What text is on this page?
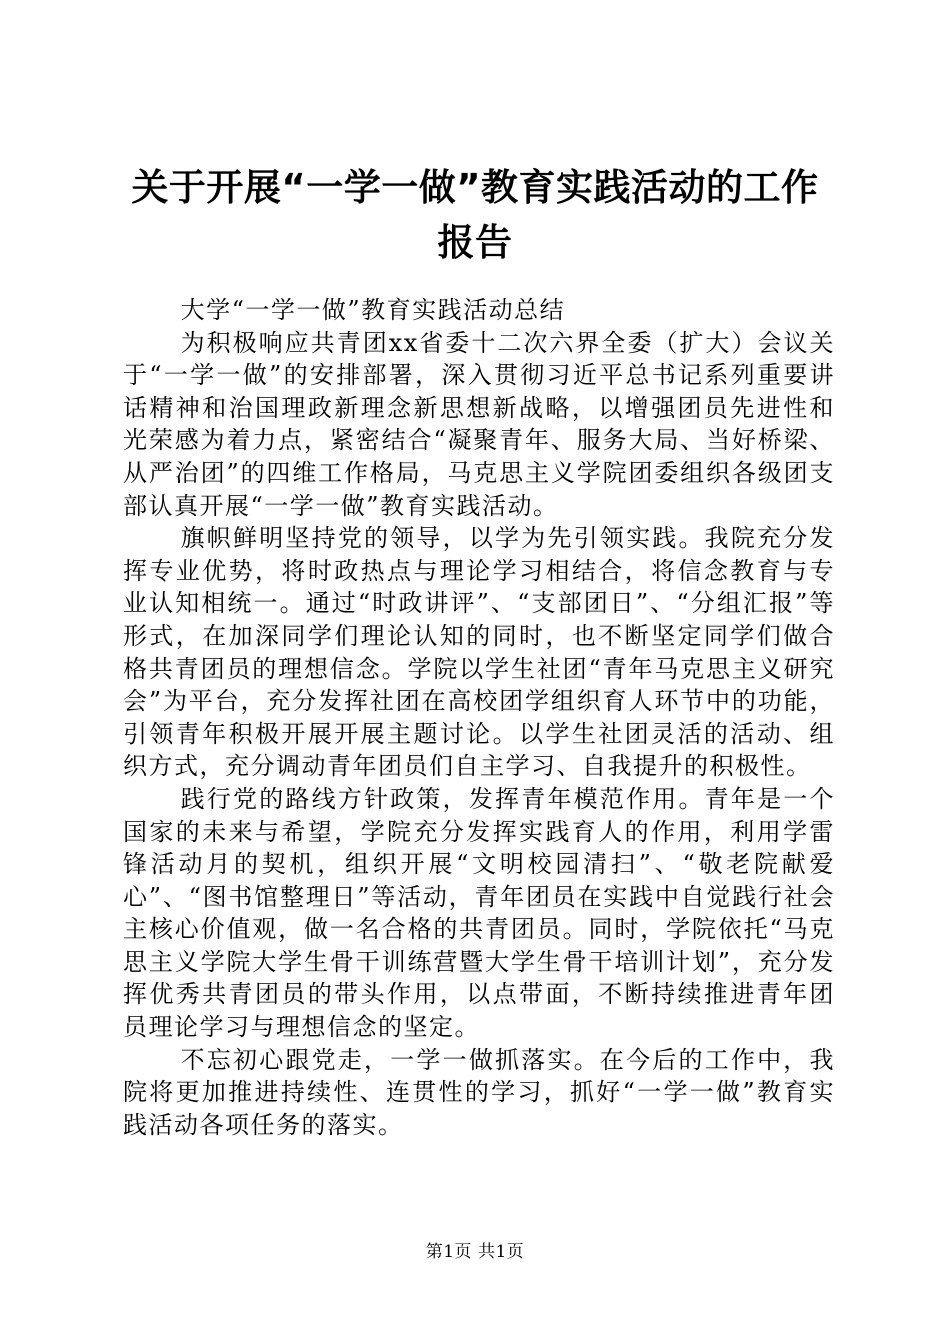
关于开展“一学一做”教育实践活动的工作报告

大学“一学一做”教育实践活动总结

为积极响应共青团xx省委十二次六界全委（扩大）会议关于“一学一做”的安排部署，深入贯彻习近平总书记系列重要讲话精神和治国理政新理念新思想新战略，以增强团员先进性和光荣感为着力点，紧密结合“凝聚青年、服务大局、当好桥梁、从严治团”的四维工作格局，马克思主义学院团委组织各级团支部认真开展“一学一做”教育实践活动。

旗帜鲜明坚持党的领导，以学为先引领实践。我院充分发挥专业优势，将时政热点与理论学习相结合，将信念教育与专业认知相统一。通过“时政讲评”、“支部团日”、“分组汇报”等形式，在加深同学们理论认知的同时，也不断坚定同学们做合格共青团员的理想信念。学院以学生社团“青年马克思主义研究会”为平台，充分发挥社团在高校团学组织育人环节中的功能，引领青年积极开展开展主题讨论。以学生社团灵活的活动、组织方式，充分调动青年团员们自主学习、自我提升的积极性。

践行党的路线方针政策，发挥青年模范作用。青年是一个国家的未来与希望，学院充分发挥实践育人的作用，利用学雷锋活动月的契机，组织开展“文明校园清扫”、“敬老院献爱心”、“图书馆整理日”等活动，青年团员在实践中自觉践行社会主核心价值观，做一名合格的共青团员。同时，学院依托“马克思主义学院大学生骨干训练营暨大学生骨干培训计划”，充分发挥优秀共青团员的带头作用，以点带面，不断持续推进青年团员理论学习与理想信念的坚定。

不忘初心跟党走，一学一做抓落实。在今后的工作中，我院将更加推进持续性、连贯性的学习，抓好“一学一做”教育实践活动各项任务的落实。

第1页 共1页
